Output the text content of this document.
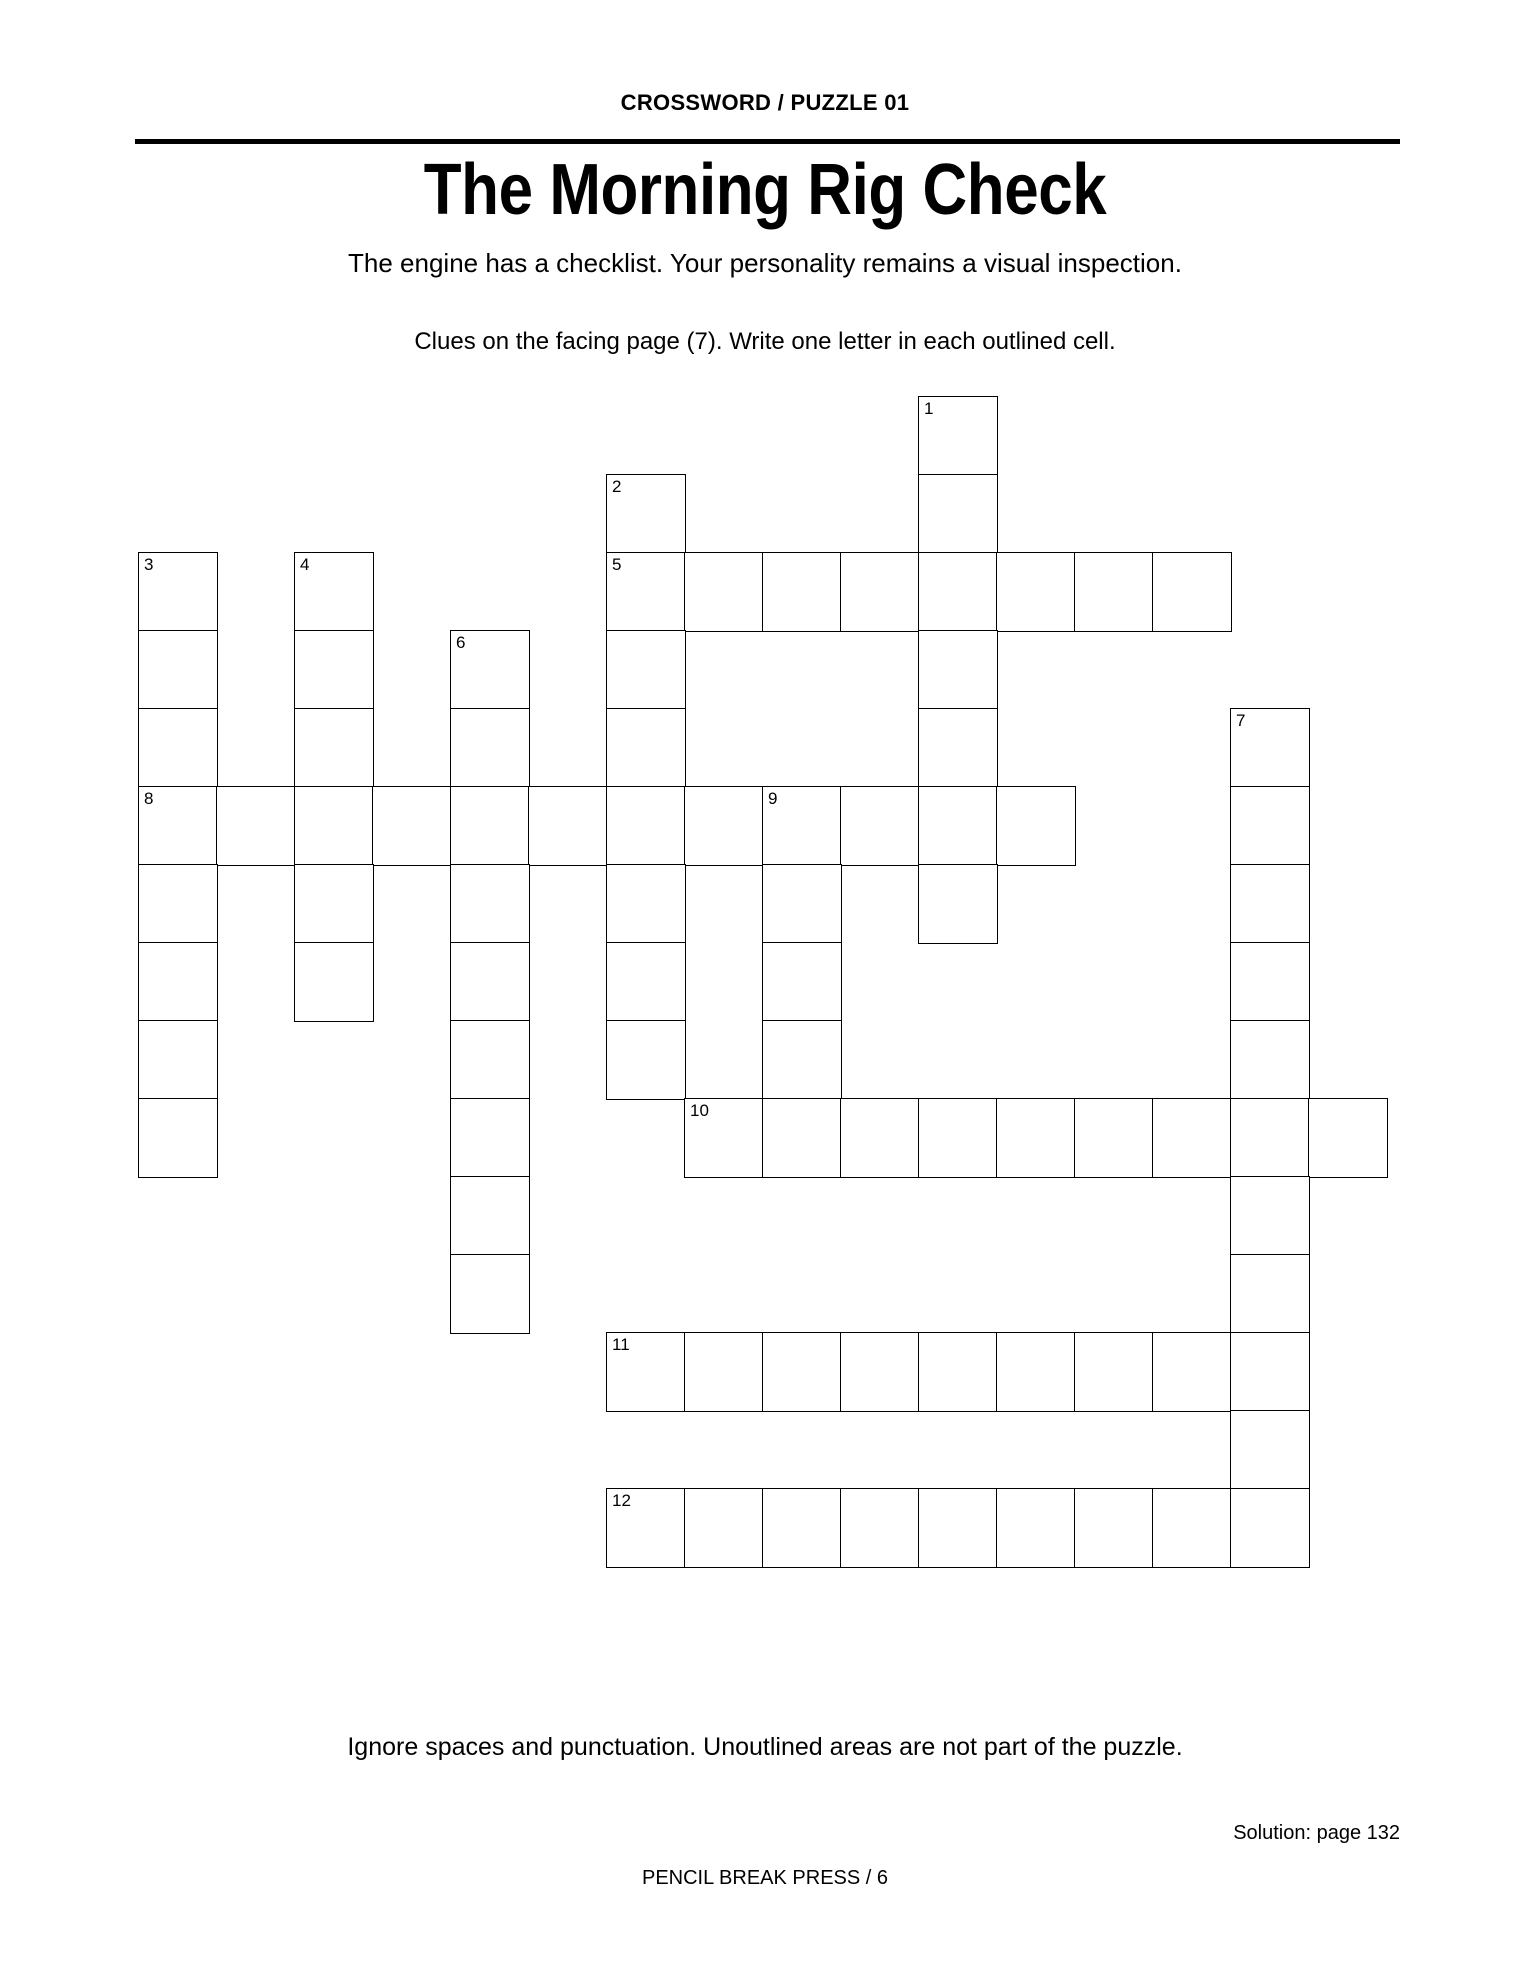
CROSSWORD / PUZZLE 01
The Morning Rig Check
The engine has a checklist. Your personality remains a visual inspection.
Clues on the facing page (7). Write one letter in each outlined cell.
1
2
3	4	5
6
7
8	9
10
11
12
Ignore spaces and punctuation. Unoutlined areas are not part of the puzzle.
Solution: page 132
PENCIL BREAK PRESS / 6
